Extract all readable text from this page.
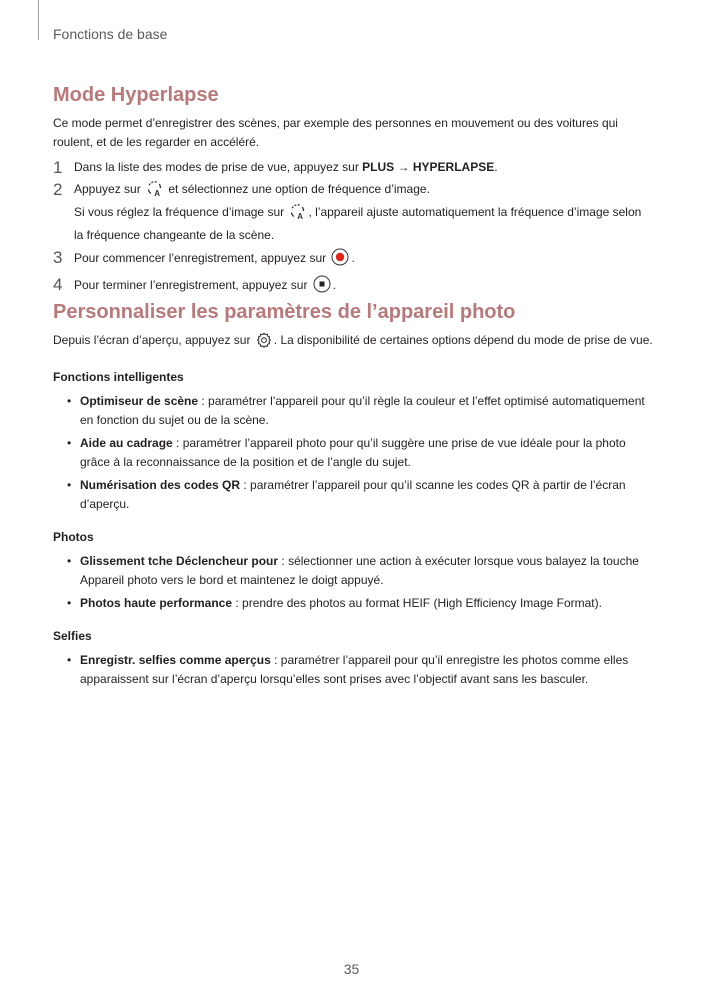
Fonctions de base
Mode Hyperlapse

Ce mode permet d’enregistrer des scènes, par exemple des personnes en mouvement ou des voitures qui roulent, et de les regarder en accéléré.

1 Dans la liste des modes de prise de vue, appuyez sur PLUS → HYPERLAPSE.
2 Appuyez sur A et sélectionnez une option de fréquence d’image.
Si vous réglez la fréquence d’image sur A , l’appareil ajuste automatiquement la fréquence d’image selon la fréquence changeante de la scène.
3 Pour commencer l’enregistrement, appuyez sur .
4 Pour terminer l’enregistrement, appuyez sur .
Personnaliser les paramètres de l’appareil photo

Depuis l’écran d’aperçu, appuyez sur . La disponibilité de certaines options dépend du mode de prise de vue.

Fonctions intelligentes
• Optimiseur de scène : paramétrer l’appareil pour qu’il règle la couleur et l’effet optimisé automatiquement en fonction du sujet ou de la scène.
• Aide au cadrage : paramétrer l’appareil photo pour qu’il suggère une prise de vue idéale pour la photo grâce à la reconnaissance de la position et de l’angle du sujet.
• Numérisation des codes QR : paramétrer l’appareil pour qu’il scanne les codes QR à partir de l’écran d’aperçu.
Photos
• Glissement tche Déclencheur pour : sélectionner une action à exécuter lorsque vous balayez la touche Appareil photo vers le bord et maintenez le doigt appuyé.
• Photos haute performance : prendre des photos au format HEIF (High Efficiency Image Format).
Selfies
• Enregistr. selfies comme aperçus : paramétrer l’appareil pour qu’il enregistre les photos comme elles apparaissent sur l’écran d’aperçu lorsqu’elles sont prises avec l’objectif avant sans les basculer.
35
